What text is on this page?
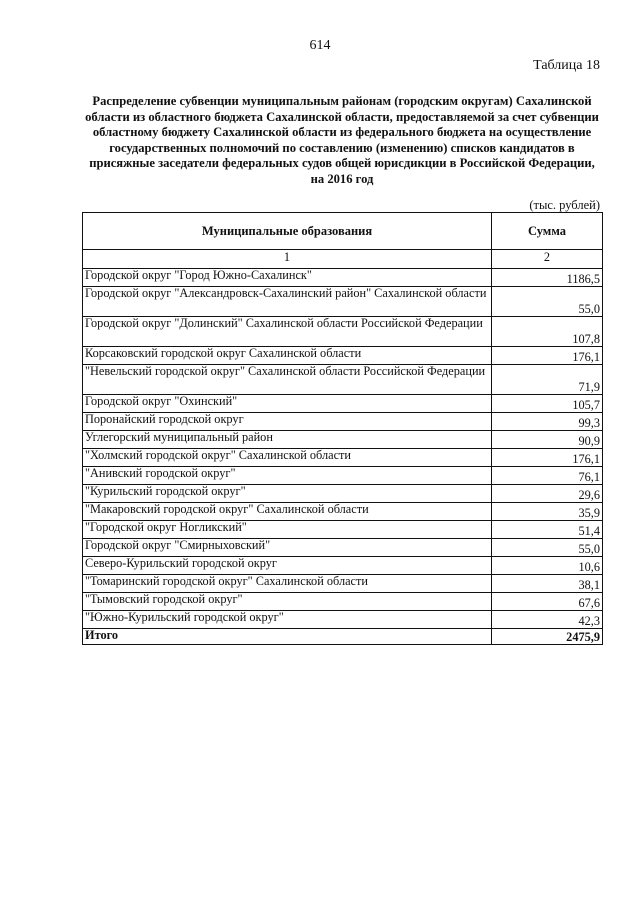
614
Таблица 18
Распределение субвенции муниципальным районам (городским округам) Сахалинской области из областного бюджета Сахалинской области, предоставляемой за счет субвенции областному бюджету Сахалинской области из федерального бюджета на осуществление государственных полномочий по составлению (изменению) списков кандидатов в присяжные заседатели федеральных судов общей юрисдикции в Российской Федерации, на 2016 год
(тыс. рублей)
Муниципальные образования	Сумма
1	2
Городской округ "Город Южно-Сахалинск"	1186,5
Городской округ "Александровск-Сахалинский район" Сахалинской области	55,0
Городской округ "Долинский" Сахалинской области Российской Федерации	107,8
Корсаковский городской округ Сахалинской области	176,1
"Невельский городской округ" Сахалинской области Российской Федерации	71,9
Городской округ "Охинский"	105,7
Поронайский городской округ	99,3
Углегорский муниципальный район	90,9
"Холмский городской округ" Сахалинской области	176,1
"Анивский городской округ"	76,1
"Курильский городской округ"	29,6
"Макаровский городской округ" Сахалинской области	35,9
"Городской округ Ногликский"	51,4
Городской округ "Смирныховский"	55,0
Северо-Курильский городской округ	10,6
"Томаринский городской округ" Сахалинской области	38,1
"Тымовский городской округ"	67,6
"Южно-Курильский городской округ"	42,3
Итого	2475,9
